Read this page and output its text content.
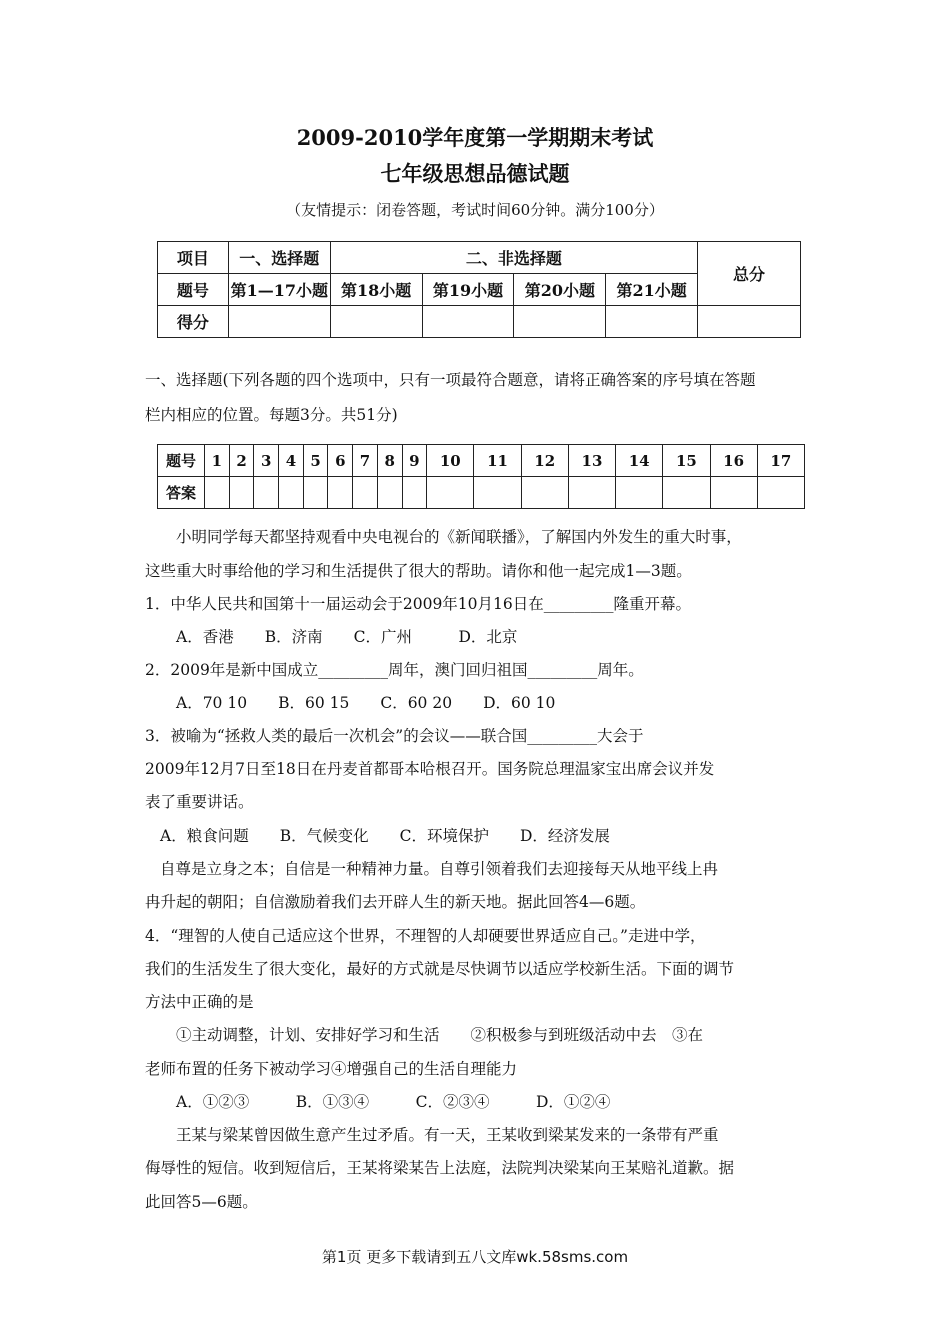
2009-2010学年度第一学期期末考试
七年级思想品德试题
（友情提示：闭卷答题，考试时间60分钟。满分100分）
项目	一、选择题	二、非选择题				总分
题号	第1—17小题	第18小题	第19小题	第20小题	第21小题	
得分						
一、选择题(下列各题的四个选项中，只有一项最符合题意，请将正确答案的序号填在答题
栏内相应的位置。每题3分。共51分)
题号	1	2	3	4	5	6	7	8	9	10	11	12	13	14	15	16	17
答案																	
小明同学每天都坚持观看中央电视台的《新闻联播》，了解国内外发生的重大时事，
这些重大时事给他的学习和生活提供了很大的帮助。请你和他一起完成1—3题。
1．中华人民共和国第十一届运动会于2009年10月16日在_________隆重开幕。
A．香港　　B．济南　　C．广州　　　D．北京
2．2009年是新中国成立_________周年，澳门回归祖国_________周年。
A．70 10　　B．60 15　　C．60 20　　D．60 10
3．被喻为“拯救人类的最后一次机会”的会议——联合国_________大会于
2009年12月7日至18日在丹麦首都哥本哈根召开。国务院总理温家宝出席会议并发
表了重要讲话。
A．粮食问题　　B．气候变化　　C．环境保护　　D．经济发展
自尊是立身之本；自信是一种精神力量。自尊引领着我们去迎接每天从地平线上冉
冉升起的朝阳；自信激励着我们去开辟人生的新天地。据此回答4—6题。
4．“理智的人使自己适应这个世界，不理智的人却硬要世界适应自己。”走进中学，
我们的生活发生了很大变化，最好的方式就是尽快调节以适应学校新生活。下面的调节
方法中正确的是
①主动调整，计划、安排好学习和生活　　②积极参与到班级活动中去　③在
老师布置的任务下被动学习④增强自己的生活自理能力
A．①②③　　　B．①③④　　　C．②③④　　　D．①②④
王某与梁某曾因做生意产生过矛盾。有一天，王某收到梁某发来的一条带有严重
侮辱性的短信。收到短信后，王某将梁某告上法庭，法院判决梁某向王某赔礼道歉。据
此回答5—6题。
第1页 更多下载请到五八文库wk.58sms.com
